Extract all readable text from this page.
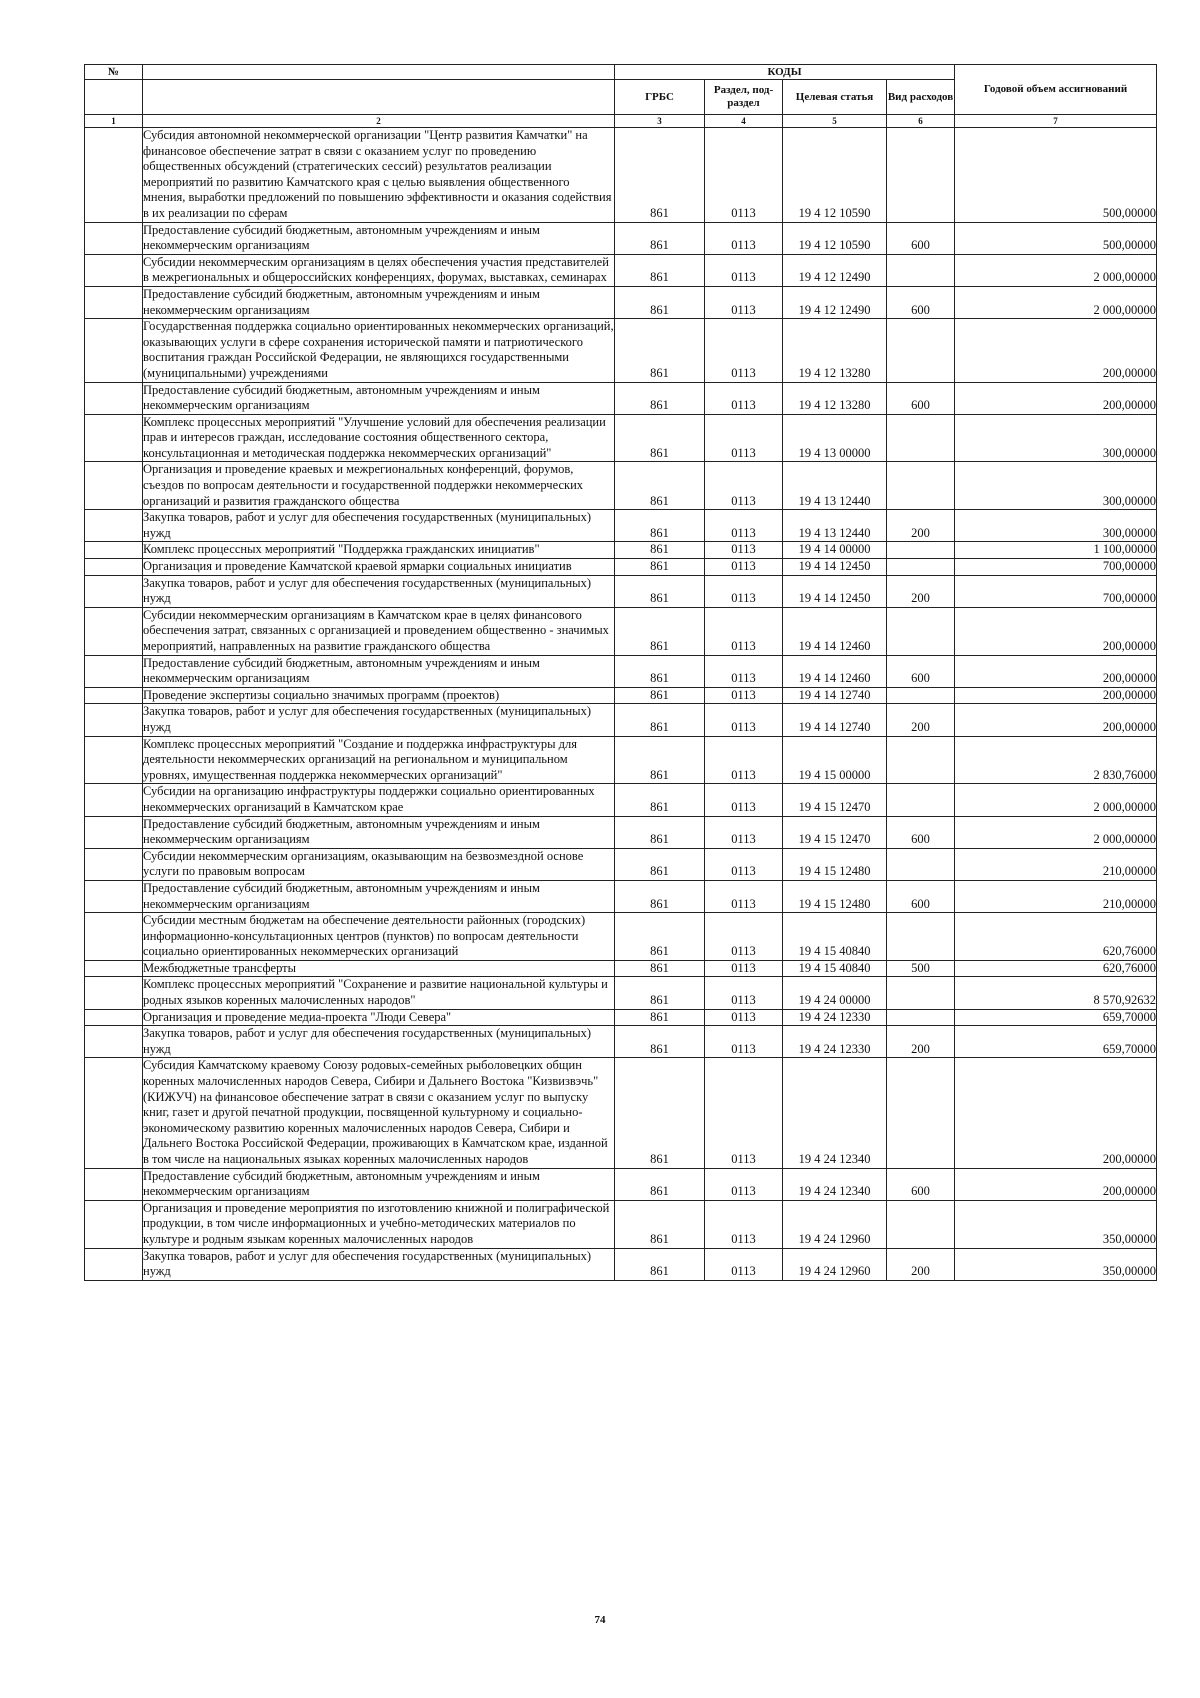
№		КОДЫ				Годовой объем ассигнований
		ГРБС	Раздел, под-раздел	Целевая статья	Вид расходов	
1	2	3	4	5	6	7
	Субсидия автономной некоммерческой организации "Центр развития Камчатки" на финансовое обеспечение затрат в связи с оказанием услуг по проведению общественных обсуждений (стратегических сессий) результатов реализации мероприятий по развитию Камчатского края с целью выявления общественного мнения, выработки предложений по повышению эффективности и оказания содействия в их реализации по сферам	861	0113	19 4 12 10590		500,00000
	Предоставление субсидий бюджетным, автономным учреждениям и иным некоммерческим организациям	861	0113	19 4 12 10590	600	500,00000
	Субсидии некоммерческим организациям в целях обеспечения участия представителей в межрегиональных и общероссийских конференциях, форумах, выставках, семинарах	861	0113	19 4 12 12490		2 000,00000
	Предоставление субсидий бюджетным, автономным учреждениям и иным некоммерческим организациям	861	0113	19 4 12 12490	600	2 000,00000
	Государственная поддержка социально ориентированных некоммерческих организаций, оказывающих услуги в сфере сохранения исторической памяти и патриотического воспитания граждан Российской Федерации, не являющихся государственными (муниципальными) учреждениями	861	0113	19 4 12 13280		200,00000
	Предоставление субсидий бюджетным, автономным учреждениям и иным некоммерческим организациям	861	0113	19 4 12 13280	600	200,00000
	Комплекс процессных мероприятий "Улучшение условий для обеспечения реализации прав и интересов граждан, исследование состояния общественного сектора, консультационная и методическая поддержка некоммерческих организаций"	861	0113	19 4 13 00000		300,00000
	Организация и проведение краевых и межрегиональных конференций, форумов, съездов по вопросам деятельности и государственной поддержки некоммерческих организаций и развития гражданского общества	861	0113	19 4 13 12440		300,00000
	Закупка товаров, работ и услуг для обеспечения государственных (муниципальных) нужд	861	0113	19 4 13 12440	200	300,00000
	Комплекс процессных мероприятий "Поддержка гражданских инициатив"	861	0113	19 4 14 00000		1 100,00000
	Организация и проведение Камчатской краевой ярмарки социальных инициатив	861	0113	19 4 14 12450		700,00000
	Закупка товаров, работ и услуг для обеспечения государственных (муниципальных) нужд	861	0113	19 4 14 12450	200	700,00000
	Субсидии некоммерческим организациям в Камчатском крае в целях финансового обеспечения затрат, связанных с организацией и проведением общественно - значимых мероприятий, направленных на развитие гражданского общества	861	0113	19 4 14 12460		200,00000
	Предоставление субсидий бюджетным, автономным учреждениям и иным некоммерческим организациям	861	0113	19 4 14 12460	600	200,00000
	Проведение экспертизы социально значимых программ (проектов)	861	0113	19 4 14 12740		200,00000
	Закупка товаров, работ и услуг для обеспечения государственных (муниципальных) нужд	861	0113	19 4 14 12740	200	200,00000
	Комплекс процессных мероприятий "Создание и поддержка инфраструктуры для деятельности некоммерческих организаций на региональном и муниципальном уровнях, имущественная поддержка некоммерческих организаций"	861	0113	19 4 15 00000		2 830,76000
	Субсидии на организацию инфраструктуры поддержки социально ориентированных некоммерческих организаций в Камчатском крае	861	0113	19 4 15 12470		2 000,00000
	Предоставление субсидий бюджетным, автономным учреждениям и иным некоммерческим организациям	861	0113	19 4 15 12470	600	2 000,00000
	Субсидии некоммерческим организациям, оказывающим на безвозмездной основе услуги по правовым вопросам	861	0113	19 4 15 12480		210,00000
	Предоставление субсидий бюджетным, автономным учреждениям и иным некоммерческим организациям	861	0113	19 4 15 12480	600	210,00000
	Субсидии местным бюджетам на обеспечение деятельности районных (городских) информационно-консультационных центров (пунктов) по вопросам деятельности социально ориентированных некоммерческих организаций	861	0113	19 4 15 40840		620,76000
	Межбюджетные трансферты	861	0113	19 4 15 40840	500	620,76000
	Комплекс процессных мероприятий "Сохранение и развитие национальной культуры и родных языков коренных малочисленных народов"	861	0113	19 4 24 00000		8 570,92632
	Организация и проведение медиа-проекта "Люди Севера"	861	0113	19 4 24 12330		659,70000
	Закупка товаров, работ и услуг для обеспечения государственных (муниципальных) нужд	861	0113	19 4 24 12330	200	659,70000
	Субсидия Камчатскому краевому Союзу родовых-семейных рыболовецких общин коренных малочисленных народов Севера, Сибири и Дальнего Востока "Кизвизвэчь" (КИЖУЧ) на финансовое обеспечение затрат в связи с оказанием услуг по выпуску книг, газет и другой печатной продукции, посвященной культурному и социально-экономическому развитию коренных малочисленных народов Севера, Сибири и Дальнего Востока Российской Федерации, проживающих в Камчатском крае, изданной в том числе на национальных языках коренных малочисленных народов	861	0113	19 4 24 12340		200,00000
	Предоставление субсидий бюджетным, автономным учреждениям и иным некоммерческим организациям	861	0113	19 4 24 12340	600	200,00000
	Организация и проведение мероприятия по изготовлению книжной и полиграфической продукции, в том числе информационных и учебно-методических материалов по культуре и родным языкам коренных малочисленных народов	861	0113	19 4 24 12960		350,00000
	Закупка товаров, работ и услуг для обеспечения государственных (муниципальных) нужд	861	0113	19 4 24 12960	200	350,00000
74
